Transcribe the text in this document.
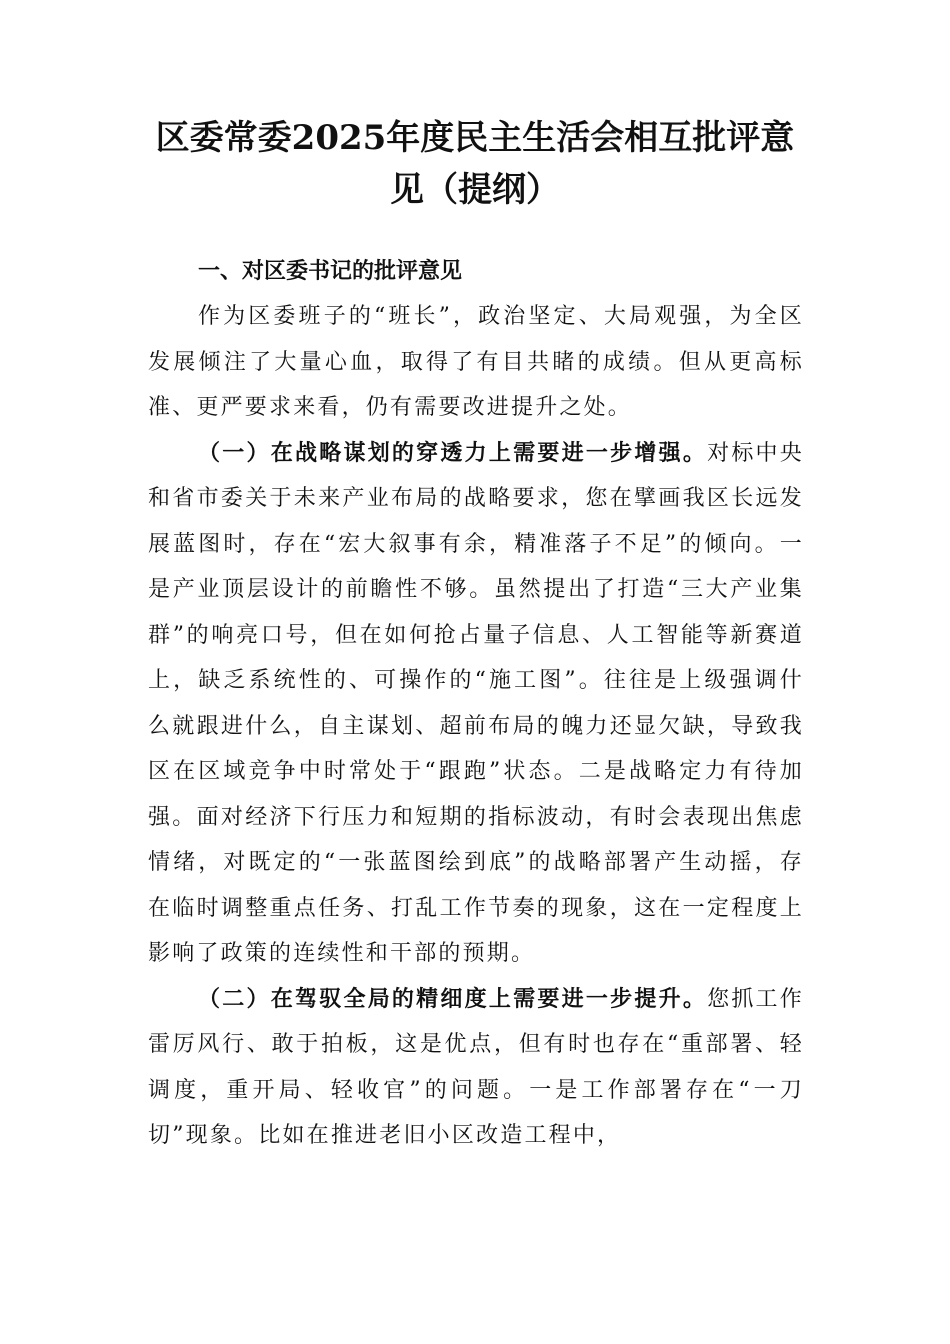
区委常委2025年度民主生活会相互批评意见（提纲）
一、对区委书记的批评意见

作为区委班子的“班长”，政治坚定、大局观强，为全区发展倾注了大量心血，取得了有目共睹的成绩。但从更高标准、更严要求来看，仍有需要改进提升之处。

（一）在战略谋划的穿透力上需要进一步增强。对标中央和省市委关于未来产业布局的战略要求，您在擘画我区长远发展蓝图时，存在“宏大叙事有余，精准落子不足”的倾向。一是产业顶层设计的前瞻性不够。虽然提出了打造“三大产业集群”的响亮口号，但在如何抢占量子信息、人工智能等新赛道上，缺乏系统性的、可操作的“施工图”。往往是上级强调什么就跟进什么，自主谋划、超前布局的魄力还显欠缺，导致我区在区域竞争中时常处于“跟跑”状态。二是战略定力有待加强。面对经济下行压力和短期的指标波动，有时会表现出焦虑情绪，对既定的“一张蓝图绘到底”的战略部署产生动摇，存在临时调整重点任务、打乱工作节奏的现象，这在一定程度上影响了政策的连续性和干部的预期。

（二）在驾驭全局的精细度上需要进一步提升。您抓工作雷厉风行、敢于拍板，这是优点，但有时也存在“重部署、轻调度，重开局、轻收官”的问题。一是工作部署存在“一刀切”现象。比如在推进老旧小区改造工程中，
